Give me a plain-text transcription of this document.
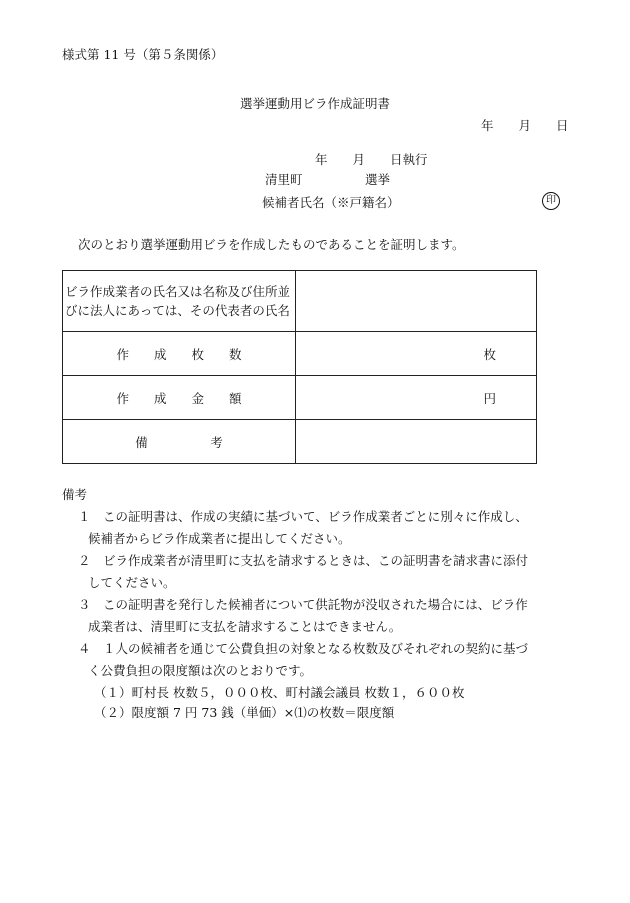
様式第 11 号（第５条関係）
選挙運動用ビラ作成証明書
年　　月　　日
年　　月　　日執行
清里町　　　　　選挙
候補者氏名（※戸籍名）	印
次のとおり選挙運動用ビラを作成したものであることを証明します。
ビラ作成業者の氏名又は名称及び住所並びに法人にあっては、その代表者の氏名	
作　　成　　枚　　数	枚
作　　成　　金　　額	円
備　　　　　考	
備考
１　この証明書は、作成の実績に基づいて、ビラ作成業者ごとに別々に作成し、
候補者からビラ作成業者に提出してください。
２　ビラ作成業者が清里町に支払を請求するときは、この証明書を請求書に添付
してください。
３　この証明書を発行した候補者について供託物が没収された場合には、ビラ作
成業者は、清里町に支払を請求することはできません。
４　１人の候補者を通じて公費負担の対象となる枚数及びそれぞれの契約に基づ
く公費負担の限度額は次のとおりです。
（１）町村長 枚数５，０００枚、町村議会議員 枚数１，６００枚
（２）限度額 7 円 73 銭（単価）×⑴の枚数＝限度額
